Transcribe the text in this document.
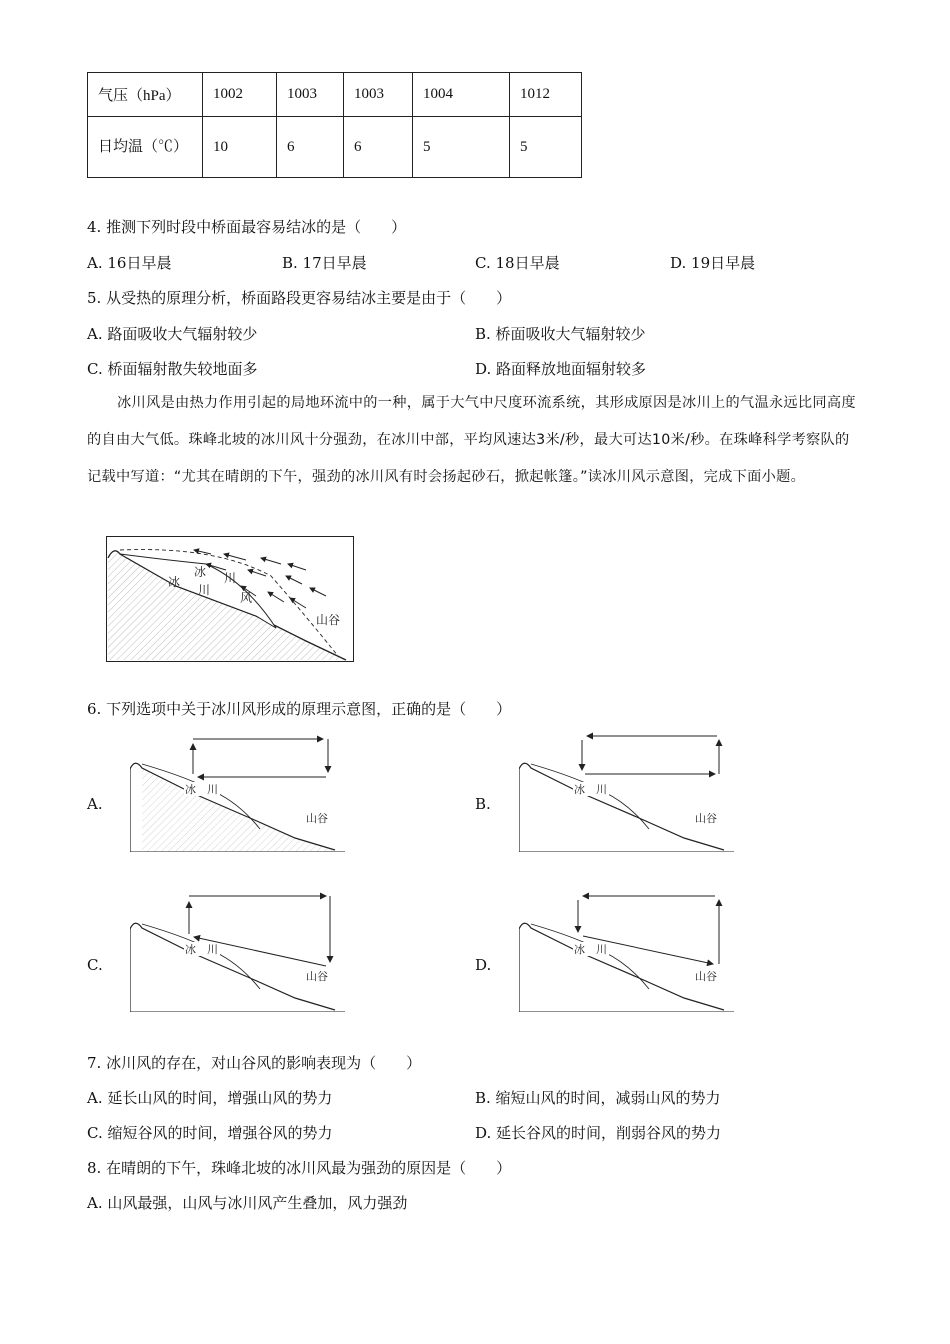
气压（hPa）	1002	1003	1003	1004	1012
日均温（℃）	10	6	6	5	5
4. 推测下列时段中桥面最容易结冰的是（　　）
A. 16日早晨	B. 17日早晨	C. 18日早晨	D. 19日早晨
5. 从受热的原理分析，桥面路段更容易结冰主要是由于（　　）
A. 路面吸收大气辐射较少	B. 桥面吸收大气辐射较少
C. 桥面辐射散失较地面多	D. 路面释放地面辐射较多
冰川风是由热力作用引起的局地环流中的一种，属于大气中尺度环流系统，其形成原因是冰川上的气温永远比同高度的自由大气低。珠峰北坡的冰川风十分强劲，在冰川中部，平均风速达3米/秒，最大可达10米/秒。在珠峰科学考察队的记载中写道：“尤其在晴朗的下午，强劲的冰川风有时会扬起砂石，掀起帐篷。”读冰川风示意图，完成下面小题。
冰
川
冰 川
风
山谷
6. 下列选项中关于冰川风形成的原理示意图，正确的是（　　）
A.	B.
C.	D.
冰　川
山谷
冰　川
山谷
冰　川
山谷
冰　川
山谷
7. 冰川风的存在，对山谷风的影响表现为（　　）
A. 延长山风的时间，增强山风的势力	B. 缩短山风的时间，减弱山风的势力
C. 缩短谷风的时间，增强谷风的势力	D. 延长谷风的时间，削弱谷风的势力
8. 在晴朗的下午，珠峰北坡的冰川风最为强劲的原因是（　　）
A. 山风最强，山风与冰川风产生叠加，风力强劲
